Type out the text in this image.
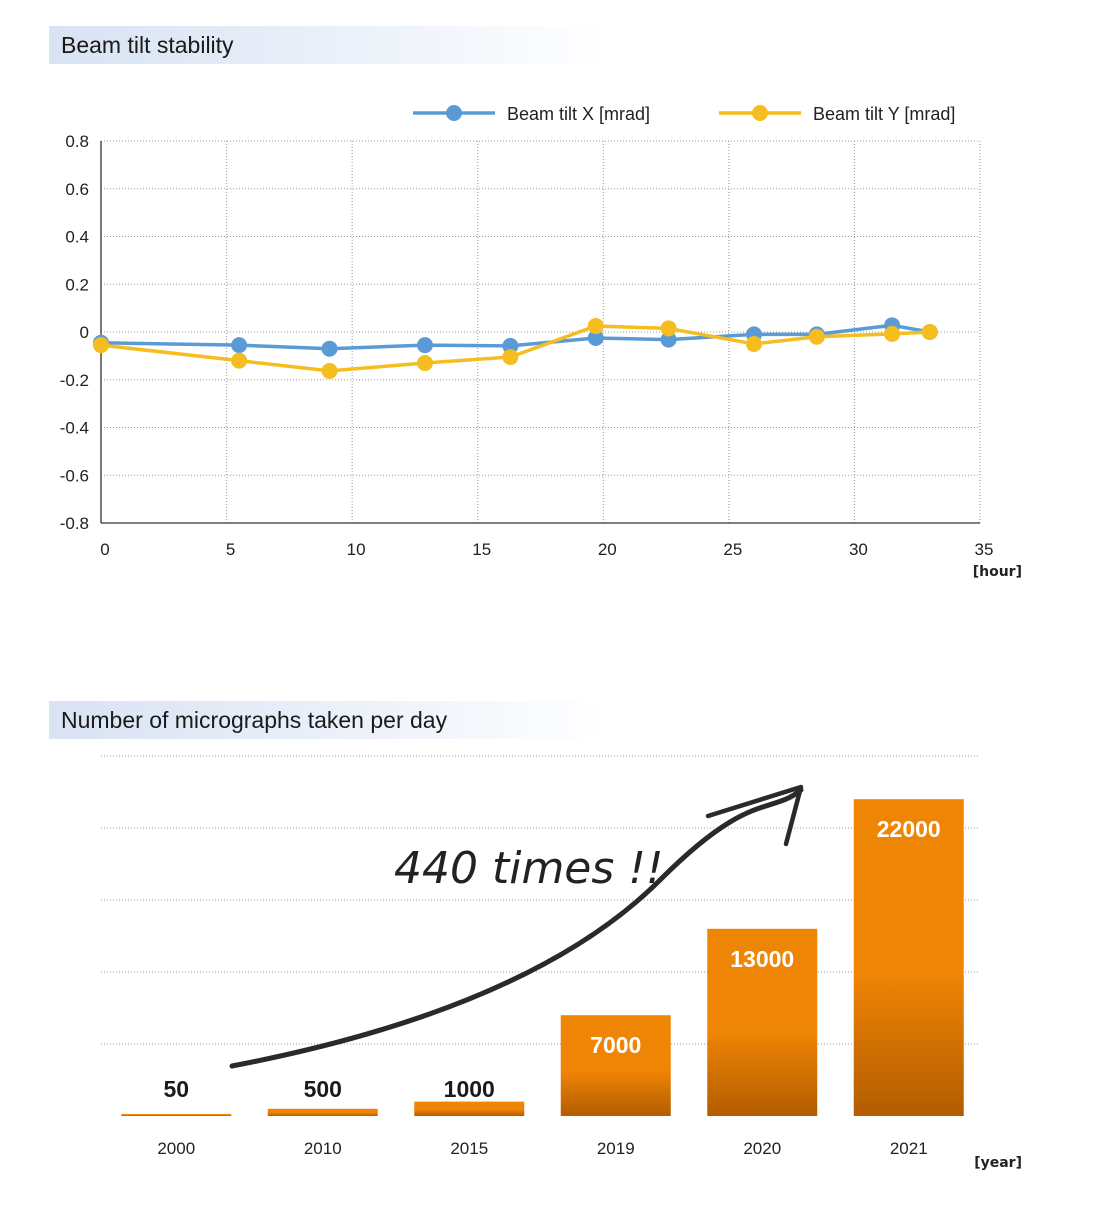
Beam tilt stability
Number of micrographs taken per day
0.8
0.6
0.4
0.2
0
-0.2
-0.4
-0.6
-0.8
0	5	10	15	20	25	30	35
[hour]
Beam tilt X [mrad]	Beam tilt Y [mrad]
50
2000
500
2010
1000
2015
7000
2019
13000
2020
22000
2021
[year]
440 times !!
